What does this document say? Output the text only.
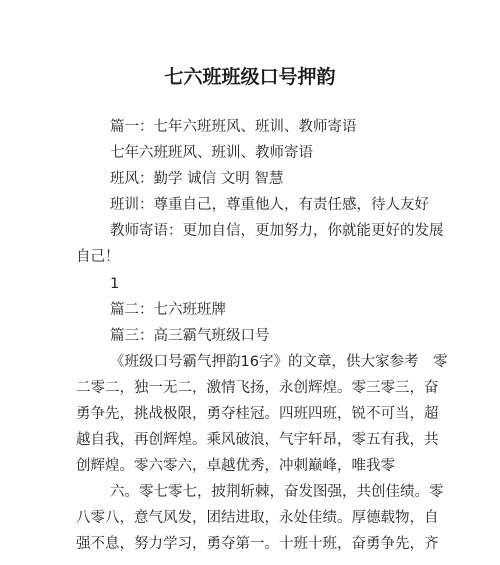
七六班班级口号押韵
篇一：七年六班班风、班训、教师寄语
七年六班班风、班训、教师寄语
班风：勤学 诚信 文明 智慧
班训：尊重自己，尊重他人，有责任感，待人友好
教师寄语：更加自信，更加努力，你就能更好的发展
自己！
1
篇二：七六班班牌
篇三：高三霸气班级口号
《班级口号霸气押韵16字》的文章，供大家参考　零
二零二，独一无二，激情飞扬，永创辉煌。零三零三，奋
勇争先，挑战极限，勇夺桂冠。四班四班，锐不可当，超
越自我，再创辉煌。乘风破浪，气宇轩昂，零五有我，共
创辉煌。零六零六，卓越优秀，冲刺巅峰，唯我零
六。零七零七，披荆斩棘，奋发图强，共创佳绩。零
八零八，意气风发，团结进取，永处佳绩。厚德载物，自
强不息，努力学习，勇夺第一。十班十班，奋勇争先，齐
